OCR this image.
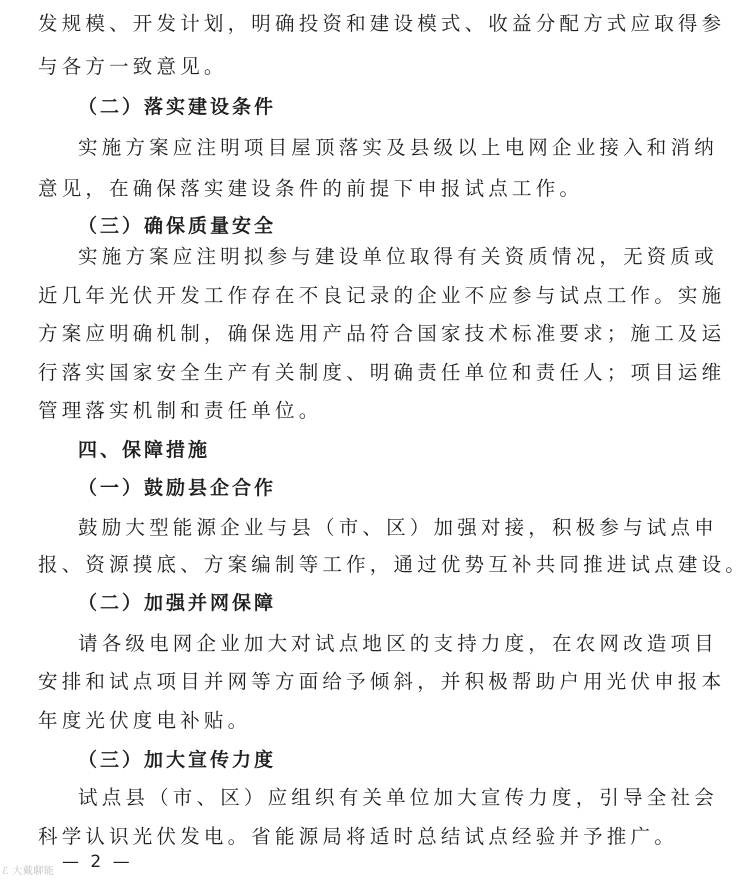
发规模、开发计划，明确投资和建设模式、收益分配方式应取得参
与各方一致意见。
（二）落实建设条件
实施方案应注明项目屋顶落实及县级以上电网企业接入和消纳
意见，在确保落实建设条件的前提下申报试点工作。
（三）确保质量安全
实施方案应注明拟参与建设单位取得有关资质情况，无资质或
近几年光伏开发工作存在不良记录的企业不应参与试点工作。实施
方案应明确机制，确保选用产品符合国家技术标准要求；施工及运
行落实国家安全生产有关制度、明确责任单位和责任人；项目运维
管理落实机制和责任单位。
四、保障措施
（一）鼓励县企合作
鼓励大型能源企业与县（市、区）加强对接，积极参与试点申
报、资源摸底、方案编制等工作，通过优势互补共同推进试点建设。
（二）加强并网保障
请各级电网企业加大对试点地区的支持力度，在农网改造项目
安排和试点项目并网等方面给予倾斜，并积极帮助户用光伏申报本
年度光伏度电补贴。
（三）加大宣传力度
试点县（市、区）应组织有关单位加大宣传力度，引导全社会
科学认识光伏发电。省能源局将适时总结试点经验并予推广。
— 2 —
ℰ 大戴聊能
